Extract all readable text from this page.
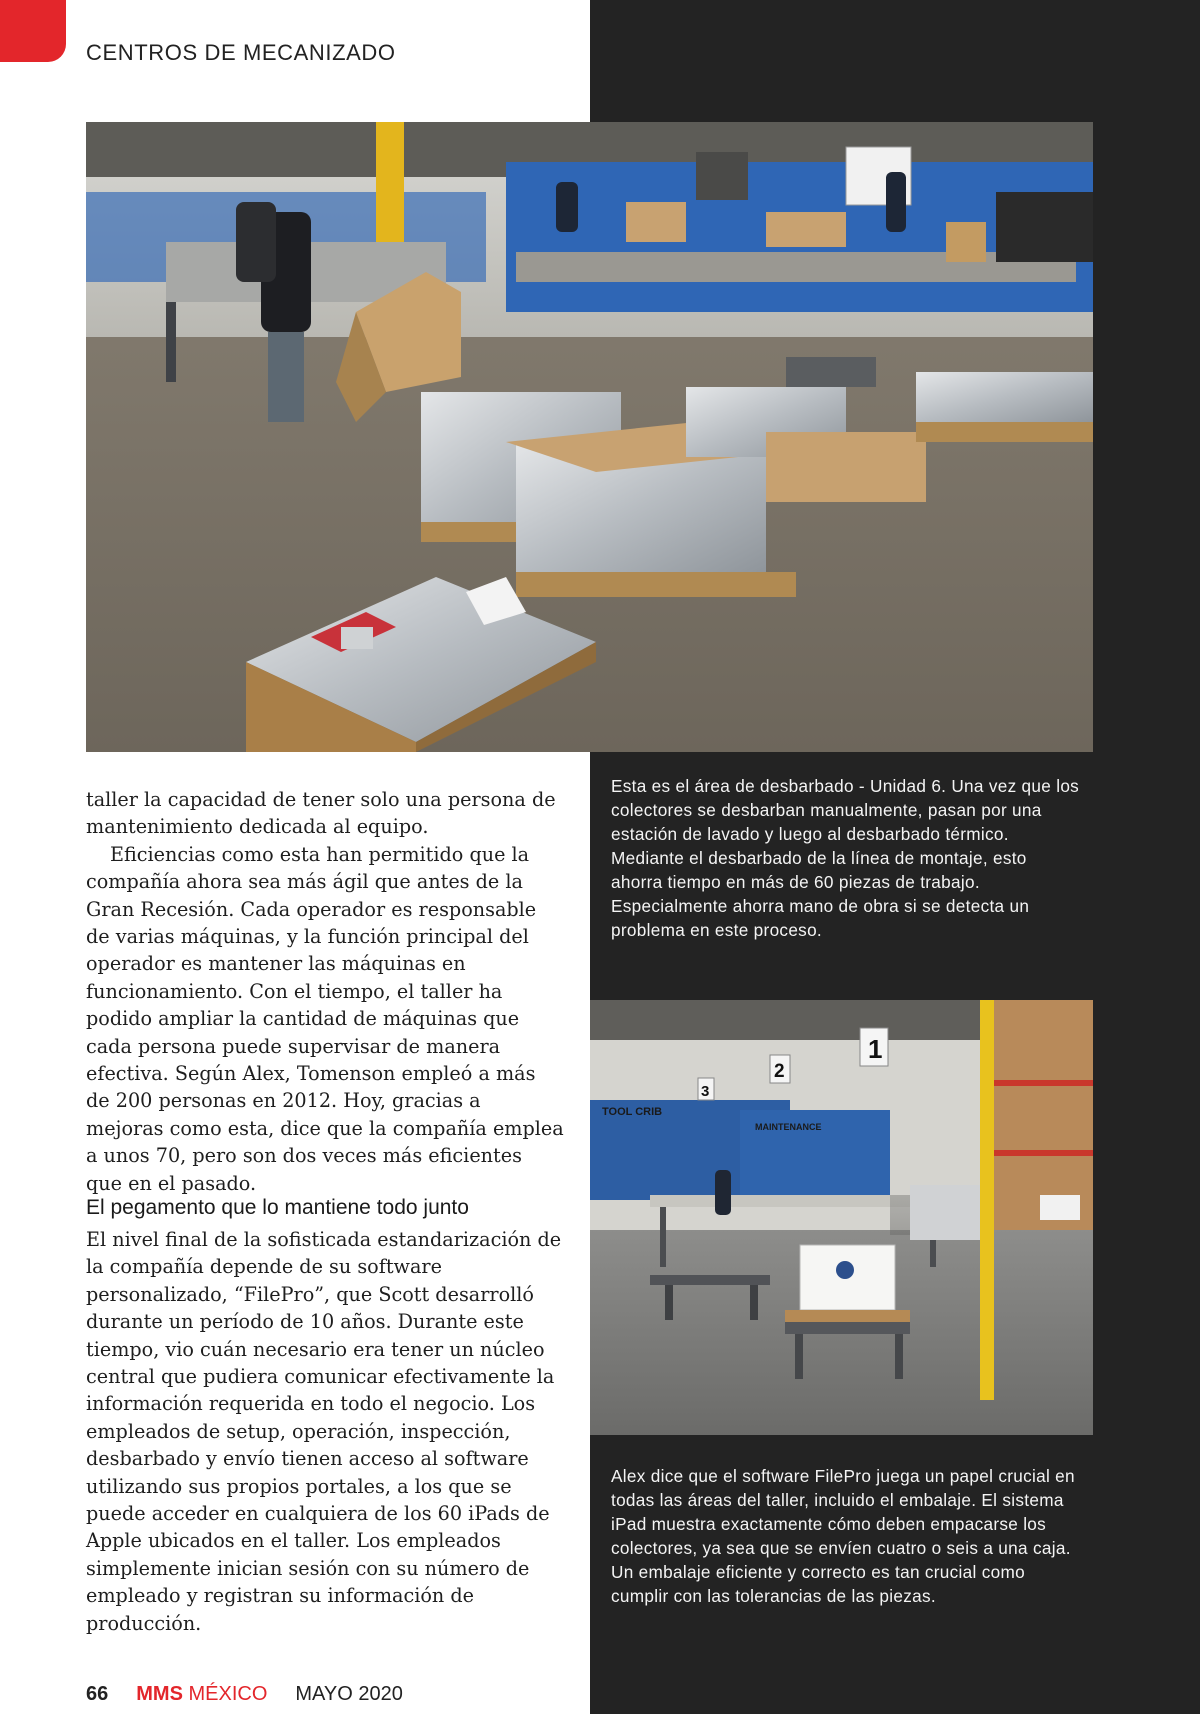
CENTROS DE MECANIZADO
Esta es el área de desbarbado - Unidad 6. Una vez que los colectores se desbarban manualmente, pasan por una estación de lavado y luego al desbarbado térmico. Mediante el desbarbado de la línea de montaje, esto ahorra tiempo en más de 60 piezas de trabajo. Especialmente ahorra mano de obra si se detecta un problema en este proceso.
TOOL CRIB
MAINTENANCE
1
2
3
Alex dice que el software FilePro juega un papel crucial en todas las áreas del taller, incluido el embalaje. El sistema iPad muestra exactamente cómo deben empacarse los colectores, ya sea que se envíen cuatro o seis a una caja. Un embalaje eficiente y correcto es tan crucial como cumplir con las tolerancias de las piezas.

taller la capacidad de tener solo una persona de mantenimiento dedicada al equipo.

Eficiencias como esta han permitido que la compañía ahora sea más ágil que antes de la Gran Recesión. Cada operador es responsable de varias máquinas, y la función principal del operador es mantener las máquinas en funcionamiento. Con el tiempo, el taller ha podido ampliar la cantidad de máquinas que cada persona puede supervisar de manera efectiva. Según Alex, Tomenson empleó a más de 200 personas en 2012. Hoy, gracias a mejoras como esta, dice que la compañía emplea a unos 70, pero son dos veces más eficientes que en el pasado.

El pegamento que lo mantiene todo junto

El nivel final de la sofisticada estandarización de la compañía depende de su software personalizado, “FilePro”, que Scott desarrolló durante un período de 10 años. Durante este tiempo, vio cuán necesario era tener un núcleo central que pudiera comunicar efectivamente la información requerida en todo el negocio. Los empleados de setup, operación, inspección, desbarbado y envío tienen acceso al software utilizando sus propios portales, a los que se puede acceder en cualquiera de los 60 iPads de Apple ubicados en el taller. Los empleados simplemente inician sesión con su número de empleado y registran su información de producción.

66 MMS MÉXICO MAYO 2020
